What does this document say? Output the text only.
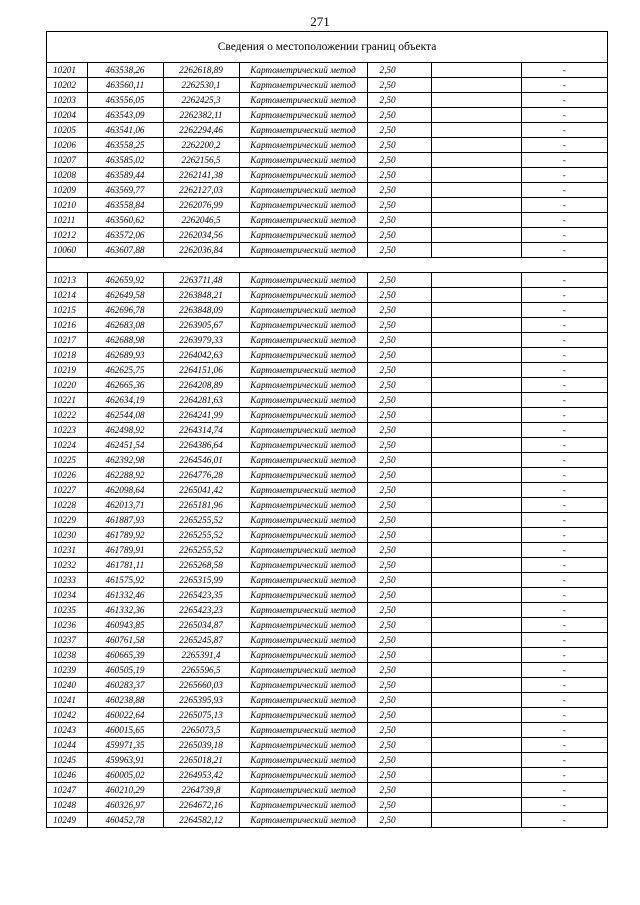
271
Сведения о местоположении границ объекта
10201	463538,26	2262618,89	Картометрический метод	2,50		-
10202	463560,11	2262530,1	Картометрический метод	2,50		-
10203	463556,05	2262425,3	Картометрический метод	2,50		-
10204	463543,09	2262382,11	Картометрический метод	2,50		-
10205	463541,06	2262294,46	Картометрический метод	2,50		-
10206	463558,25	2262200,2	Картометрический метод	2,50		-
10207	463585,02	2262156,5	Картометрический метод	2,50		-
10208	463589,44	2262141,38	Картометрический метод	2,50		-
10209	463569,77	2262127,03	Картометрический метод	2,50		-
10210	463558,84	2262076,99	Картометрический метод	2,50		-
10211	463560,62	2262046,5	Картометрический метод	2,50		-
10212	463572,06	2262034,56	Картометрический метод	2,50		-
10060	463607,88	2262036,84	Картометрический метод	2,50		-

10213	462659,92	2263711,48	Картометрический метод	2,50		-
10214	462649,58	2263848,21	Картометрический метод	2,50		-
10215	462696,78	2263848,09	Картометрический метод	2,50		-
10216	462683,08	2263905,67	Картометрический метод	2,50		-
10217	462688,98	2263979,33	Картометрический метод	2,50		-
10218	462689,93	2264042,63	Картометрический метод	2,50		-
10219	462625,75	2264151,06	Картометрический метод	2,50		-
10220	462665,36	2264208,89	Картометрический метод	2,50		-
10221	462634,19	2264281,63	Картометрический метод	2,50		-
10222	462544,08	2264241,99	Картометрический метод	2,50		-
10223	462498,92	2264314,74	Картометрический метод	2,50		-
10224	462451,54	2264386,64	Картометрический метод	2,50		-
10225	462392,98	2264546,01	Картометрический метод	2,50		-
10226	462288,92	2264776,28	Картометрический метод	2,50		-
10227	462098,64	2265041,42	Картометрический метод	2,50		-
10228	462013,71	2265181,96	Картометрический метод	2,50		-
10229	461887,93	2265255,52	Картометрический метод	2,50		-
10230	461789,92	2265255,52	Картометрический метод	2,50		-
10231	461789,91	2265255,52	Картометрический метод	2,50		-
10232	461781,11	2265268,58	Картометрический метод	2,50		-
10233	461575,92	2265315,99	Картометрический метод	2,50		-
10234	461332,46	2265423,35	Картометрический метод	2,50		-
10235	461332,36	2265423,23	Картометрический метод	2,50		-
10236	460943,85	2265034,87	Картометрический метод	2,50		-
10237	460761,58	2265245,87	Картометрический метод	2,50		-
10238	460665,39	2265391,4	Картометрический метод	2,50		-
10239	460505,19	2265596,5	Картометрический метод	2,50		-
10240	460283,37	2265660,03	Картометрический метод	2,50		-
10241	460238,88	2265395,93	Картометрический метод	2,50		-
10242	460022,64	2265075,13	Картометрический метод	2,50		-
10243	460015,65	2265073,5	Картометрический метод	2,50		-
10244	459971,35	2265039,18	Картометрический метод	2,50		-
10245	459963,91	2265018,21	Картометрический метод	2,50		-
10246	460005,02	2264953,42	Картометрический метод	2,50		-
10247	460210,29	2264739,8	Картометрический метод	2,50		-
10248	460326,97	2264672,16	Картометрический метод	2,50		-
10249	460452,78	2264582,12	Картометрический метод	2,50		-
